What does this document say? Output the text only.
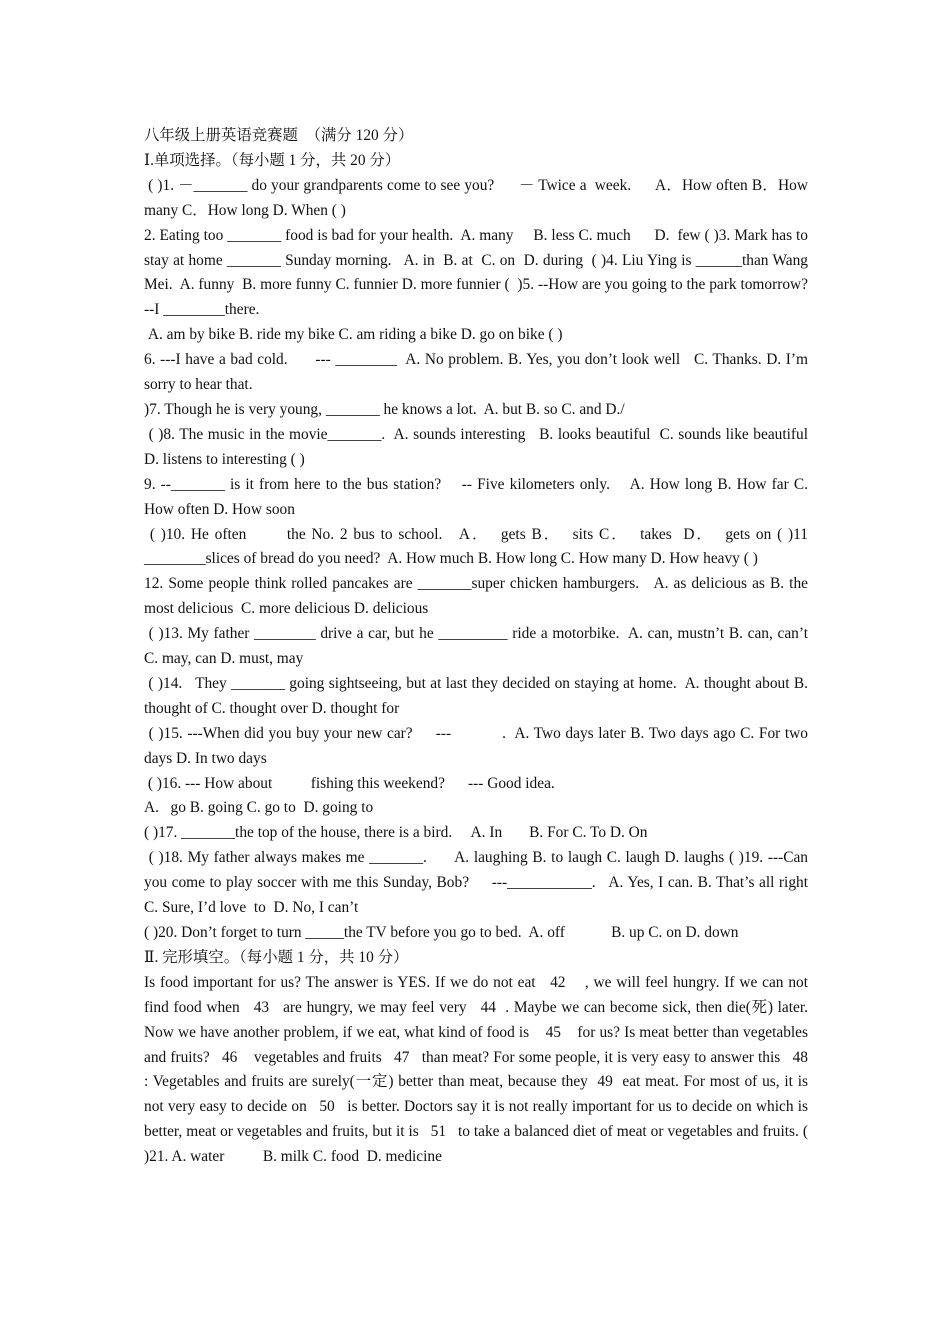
八年级上册英语竞赛题  （满分 120 分）

Ⅰ.单项选择。（每小题 1 分，共 20 分）

( )1. －_______ do your grandparents come to see you?      － Twice a  week.      A．How often B．How many C．How long D. When ( )

2. Eating too _______ food is bad for your health.  A. many     B. less C. much      D.  few ( )3. Mark has to stay at home _______ Sunday morning.   A. in  B. at  C. on  D. during  ( )4. Liu Ying is ______than Wang Mei.  A. funny  B. more funny C. funnier D. more funnier (  )5. --How are you going to the park tomorrow?   --I ________there.

A. am by bike B. ride my bike C. am riding a bike D. go on bike ( )

6. ---I have a bad cold.      --- ________  A. No problem. B. Yes, you don’t look well   C. Thanks. D. I’m sorry to hear that.

)7. Though he is very young, _______ he knows a lot.  A. but B. so C. and D./

( )8. The music in the movie_______.  A. sounds interesting   B. looks beautiful  C. sounds like beautiful D. listens to interesting ( )

9. --_______ is it from here to the bus station?    -- Five kilometers only.    A. How long B. How far C. How often D. How soon

( )10. He often       the No. 2 bus to school.   A．  gets B．  sits C．  takes  D．  gets on ( )11 ________slices of bread do you need?  A. How much B. How long C. How many D. How heavy ( )

12. Some people think rolled pancakes are _______super chicken hamburgers.   A. as delicious as B. the most delicious  C. more delicious D. delicious

( )13. My father ________ drive a car, but he _________ ride a motorbike.  A. can, mustn’t B. can, can’t C. may, can D. must, may

( )14.   They _______ going sightseeing, but at last they decided on staying at home.  A. thought about B. thought of C. thought over D. thought for

( )15. ---When did you buy your new car?     ---           .  A. Two days later B. Two days ago C. For two days D. In two days

( )16. --- How about          fishing this weekend?      --- Good idea.

A.   go B. going C. go to  D. going to

( )17. _______the top of the house, there is a bird.     A. In       B. For C. To D. On

( )18. My father always makes me _______.      A. laughing B. to laugh C. laugh D. laughs ( )19. ---Can you come to play soccer with me this Sunday, Bob?     ---___________.   A. Yes, I can. B. That’s all right C. Sure, I’d love  to  D. No, I can’t

( )20. Don’t forget to turn _____the TV before you go to bed.  A. off            B. up C. on D. down

Ⅱ. 完形填空。（每小题 1 分，共 10 分）

Is food important for us? The answer is YES. If we do not eat   42    , we will feel hungry. If we can not find food when   43   are hungry, we may feel very   44  . Maybe we can become sick, then die(死) later. Now we have another problem, if we eat, what kind of food is    45    for us? Is meat better than vegetables and fruits?   46    vegetables and fruits   47   than meat? For some people, it is very easy to answer this   48   : Vegetables and fruits are surely(一定) better than meat, because they  49  eat meat. For most of us, it is not very easy to decide on   50   is better. Doctors say it is not really important for us to decide on which is better, meat or vegetables and fruits, but it is   51   to take a balanced diet of meat or vegetables and fruits. ( )21. A. water          B. milk C. food  D. medicine
